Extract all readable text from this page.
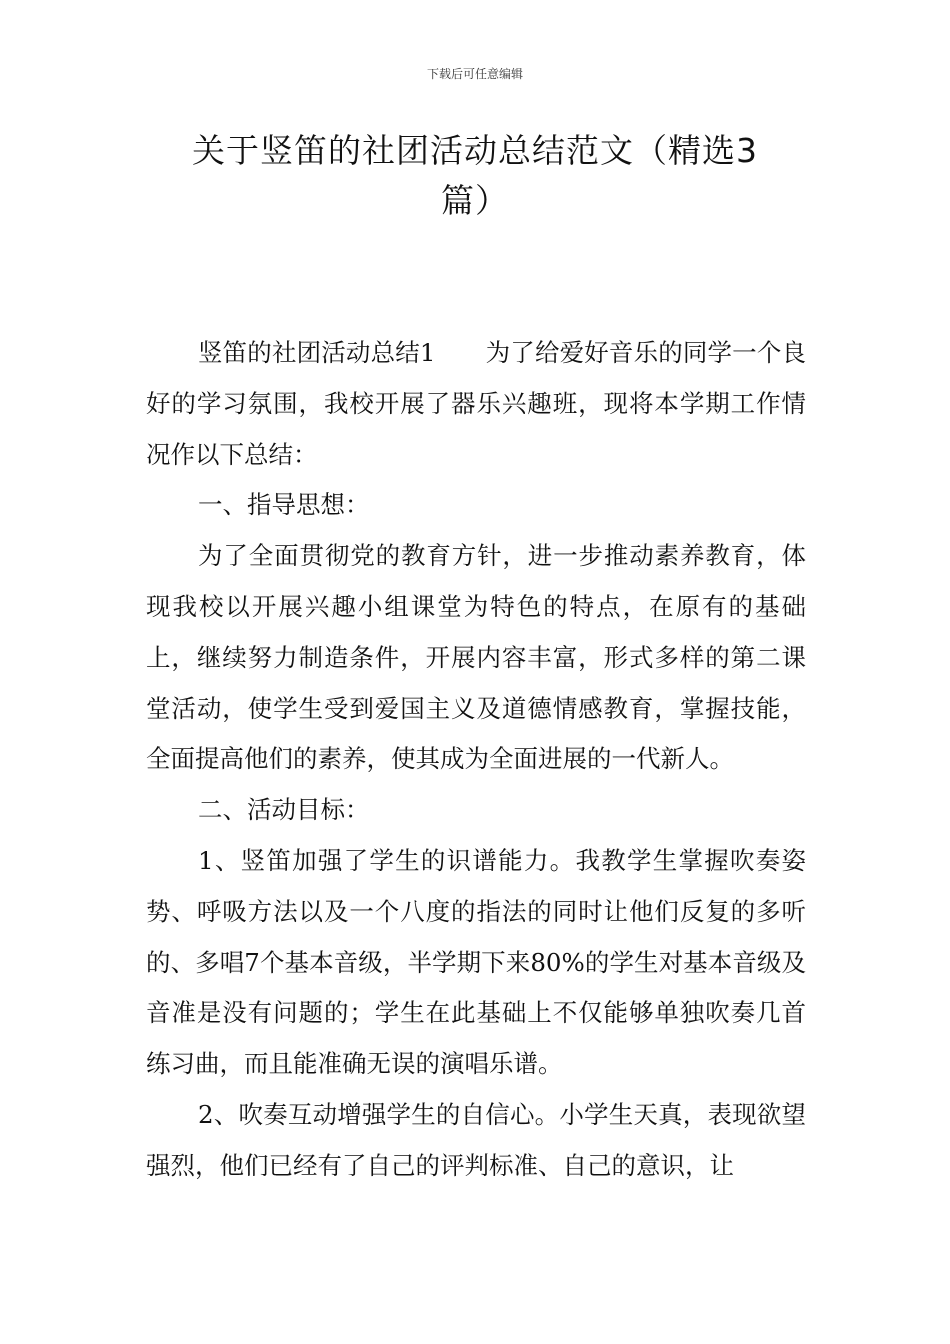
下载后可任意编辑
关于竖笛的社团活动总结范文（精选3
篇）

竖笛的社团活动总结1 为了给爱好音乐的同学一个良好的学习氛围，我校开展了器乐兴趣班，现将本学期工作情况作以下总结：

一、指导思想：

为了全面贯彻党的教育方针，进一步推动素养教育，体现我校以开展兴趣小组课堂为特色的特点，在原有的基础上，继续努力制造条件，开展内容丰富，形式多样的第二课堂活动，使学生受到爱国主义及道德情感教育，掌握技能，全面提高他们的素养，使其成为全面进展的一代新人。

二、活动目标：

1、竖笛加强了学生的识谱能力。我教学生掌握吹奏姿势、呼吸方法以及一个八度的指法的同时让他们反复的多听的、多唱7个基本音级，半学期下来80%的学生对基本音级及音准是没有问题的；学生在此基础上不仅能够单独吹奏几首练习曲，而且能准确无误的演唱乐谱。

2、吹奏互动增强学生的自信心。小学生天真，表现欲望强烈，他们已经有了自己的评判标准、自己的意识，让
